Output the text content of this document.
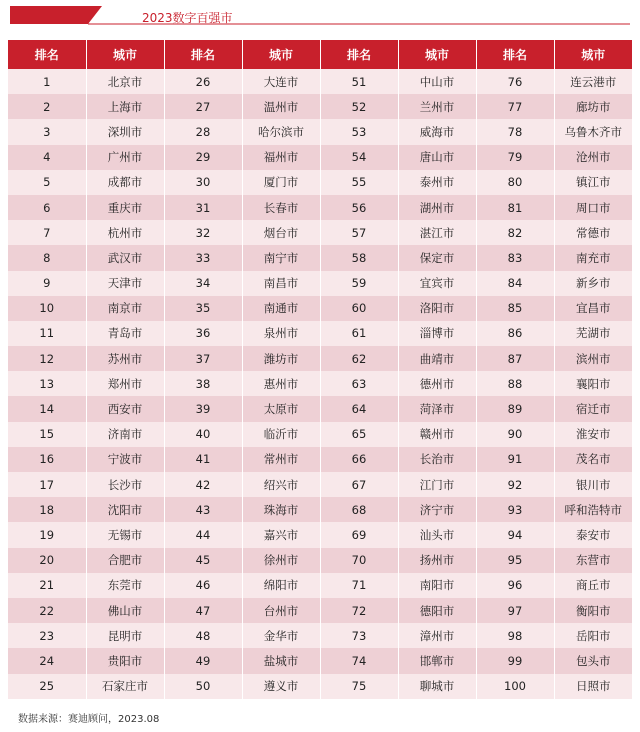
2023数字百强市
排名	城市	排名	城市	排名	城市	排名	城市
1	北京市	26	大连市	51	中山市	76	连云港市
2	上海市	27	温州市	52	兰州市	77	廊坊市
3	深圳市	28	哈尔滨市	53	威海市	78	乌鲁木齐市
4	广州市	29	福州市	54	唐山市	79	沧州市
5	成都市	30	厦门市	55	泰州市	80	镇江市
6	重庆市	31	长春市	56	湖州市	81	周口市
7	杭州市	32	烟台市	57	湛江市	82	常德市
8	武汉市	33	南宁市	58	保定市	83	南充市
9	天津市	34	南昌市	59	宜宾市	84	新乡市
10	南京市	35	南通市	60	洛阳市	85	宜昌市
11	青岛市	36	泉州市	61	淄博市	86	芜湖市
12	苏州市	37	潍坊市	62	曲靖市	87	滨州市
13	郑州市	38	惠州市	63	德州市	88	襄阳市
14	西安市	39	太原市	64	菏泽市	89	宿迁市
15	济南市	40	临沂市	65	赣州市	90	淮安市
16	宁波市	41	常州市	66	长治市	91	茂名市
17	长沙市	42	绍兴市	67	江门市	92	银川市
18	沈阳市	43	珠海市	68	济宁市	93	呼和浩特市
19	无锡市	44	嘉兴市	69	汕头市	94	泰安市
20	合肥市	45	徐州市	70	扬州市	95	东营市
21	东莞市	46	绵阳市	71	南阳市	96	商丘市
22	佛山市	47	台州市	72	德阳市	97	衡阳市
23	昆明市	48	金华市	73	漳州市	98	岳阳市
24	贵阳市	49	盐城市	74	邯郸市	99	包头市
25	石家庄市	50	遵义市	75	聊城市	100	日照市
数据来源：赛迪顾问，2023.08
